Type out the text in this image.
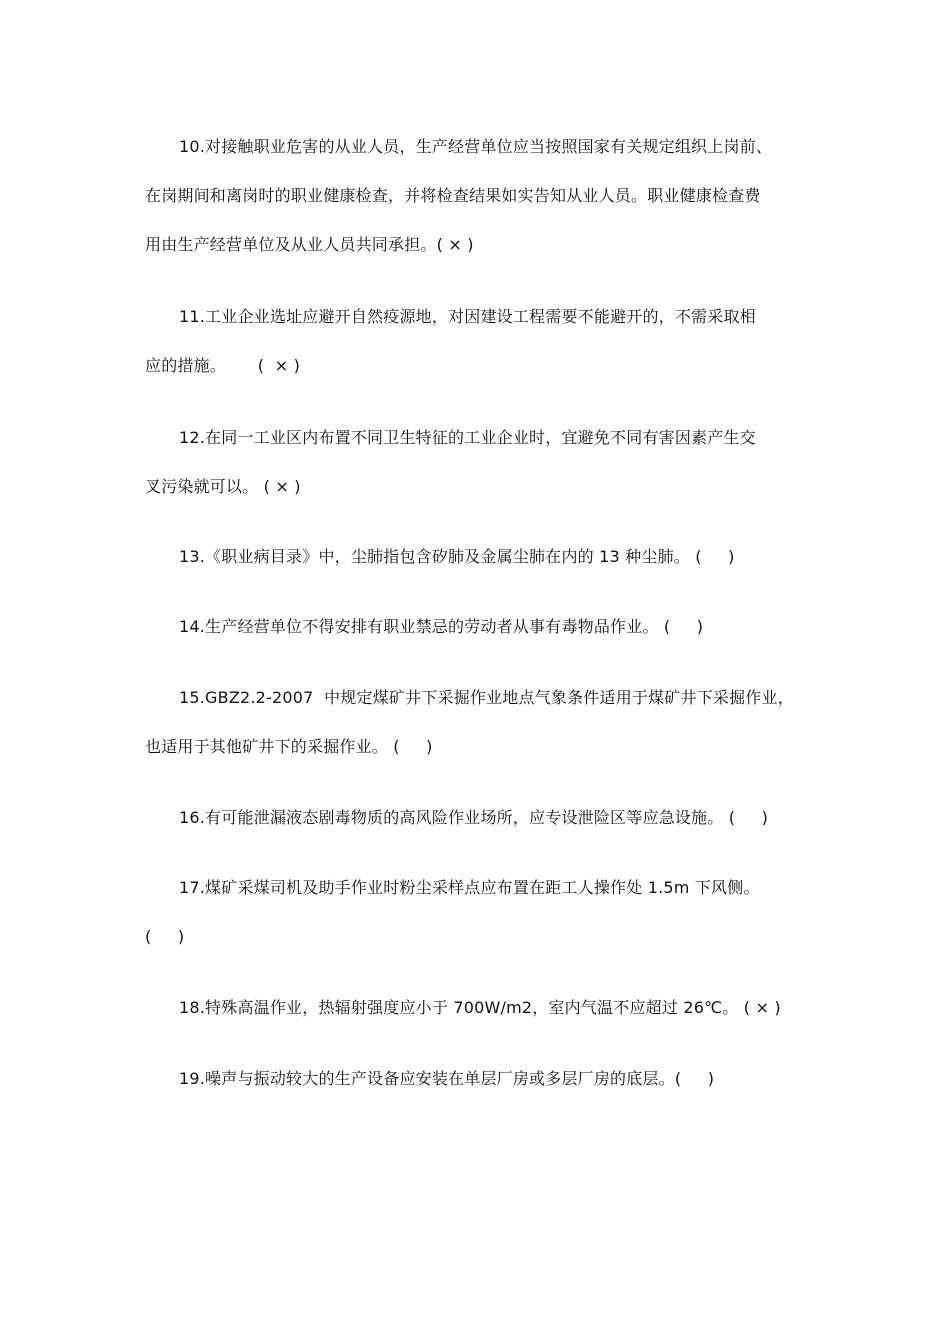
10.对接触职业危害的从业人员，生产经营单位应当按照国家有关规定组织上岗前、
在岗期间和离岗时的职业健康检查，并将检查结果如实告知从业人员。职业健康检查费
用由生产经营单位及从业人员共同承担。( × )
11.工业企业选址应避开自然疫源地，对因建设工程需要不能避开的，不需采取相
应的措施。      (  × )
12.在同一工业区内布置不同卫生特征的工业企业时，宜避免不同有害因素产生交
叉污染就可以。 ( × )
13.《职业病目录》中，尘肺指包含矽肺及金属尘肺在内的 13 种尘肺。 (     )
14.生产经营单位不得安排有职业禁忌的劳动者从事有毒物品作业。 (     )
15.GBZ2.2-2007  中规定煤矿井下采掘作业地点气象条件适用于煤矿井下采掘作业，
也适用于其他矿井下的采掘作业。 (     )
16.有可能泄漏液态剧毒物质的高风险作业场所，应专设泄险区等应急设施。 (     )
17.煤矿采煤司机及助手作业时粉尘采样点应布置在距工人操作处 1.5m 下风侧。
(     )
18.特殊高温作业，热辐射强度应小于 700W/m2，室内气温不应超过 26℃。 ( × )
19.噪声与振动较大的生产设备应安装在单层厂房或多层厂房的底层。(     )
